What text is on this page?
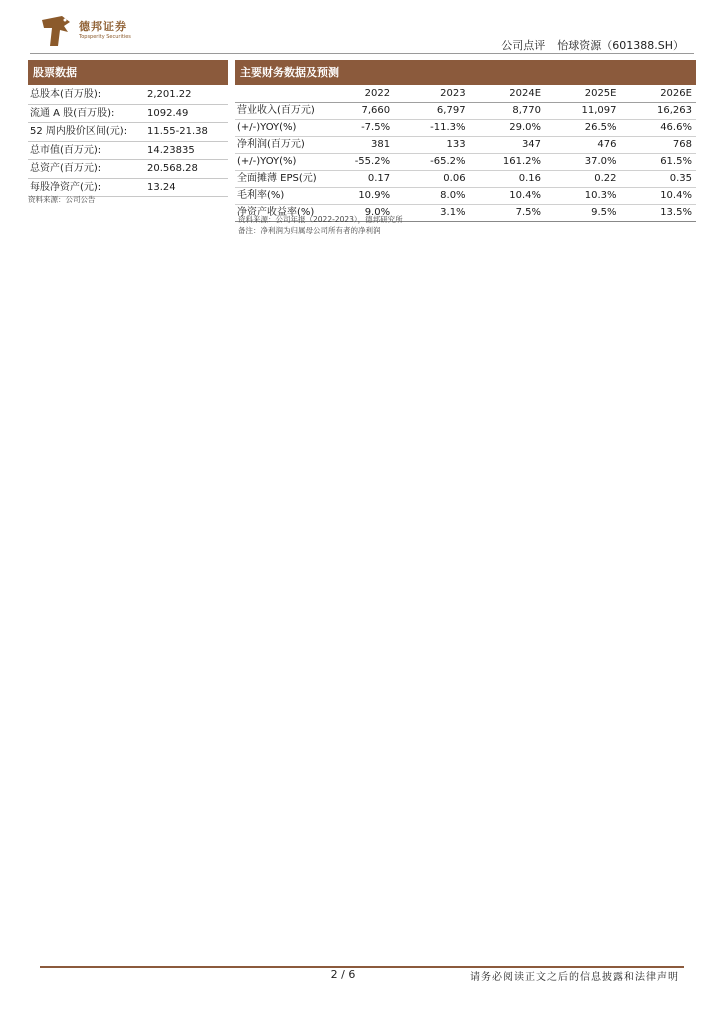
德邦证券
Topsperity Securities
公司点评 怡球资源（601388.SH）
股票数据
总股本(百万股):	2,201.22
流通 A 股(百万股):	1092.49
52 周内股价区间(元):	11.55-21.38
总市值(百万元):	14.23835
总资产(百万元):	20.568.28
每股净资产(元):	13.24
资料来源：公司公告
主要财务数据及预测
2022	2023	2024E	2025E	2026E
营业收入(百万元)	7,660	6,797	8,770	11,097	16,263
(+/-)YOY(%)	-7.5%	-11.3%	29.0%	26.5%	46.6%
净利润(百万元)	381	133	347	476	768
(+/-)YOY(%)	-55.2%	-65.2%	161.2%	37.0%	61.5%
全面摊薄 EPS(元)	0.17	0.06	0.16	0.22	0.35
毛利率(%)	10.9%	8.0%	10.4%	10.3%	10.4%
净资产收益率(%)	9.0%	3.1%	7.5%	9.5%	13.5%
资料来源：公司年报（2022-2023），德邦研究所
备注：净利润为归属母公司所有者的净利润
2 / 6	请务必阅读正文之后的信息披露和法律声明
